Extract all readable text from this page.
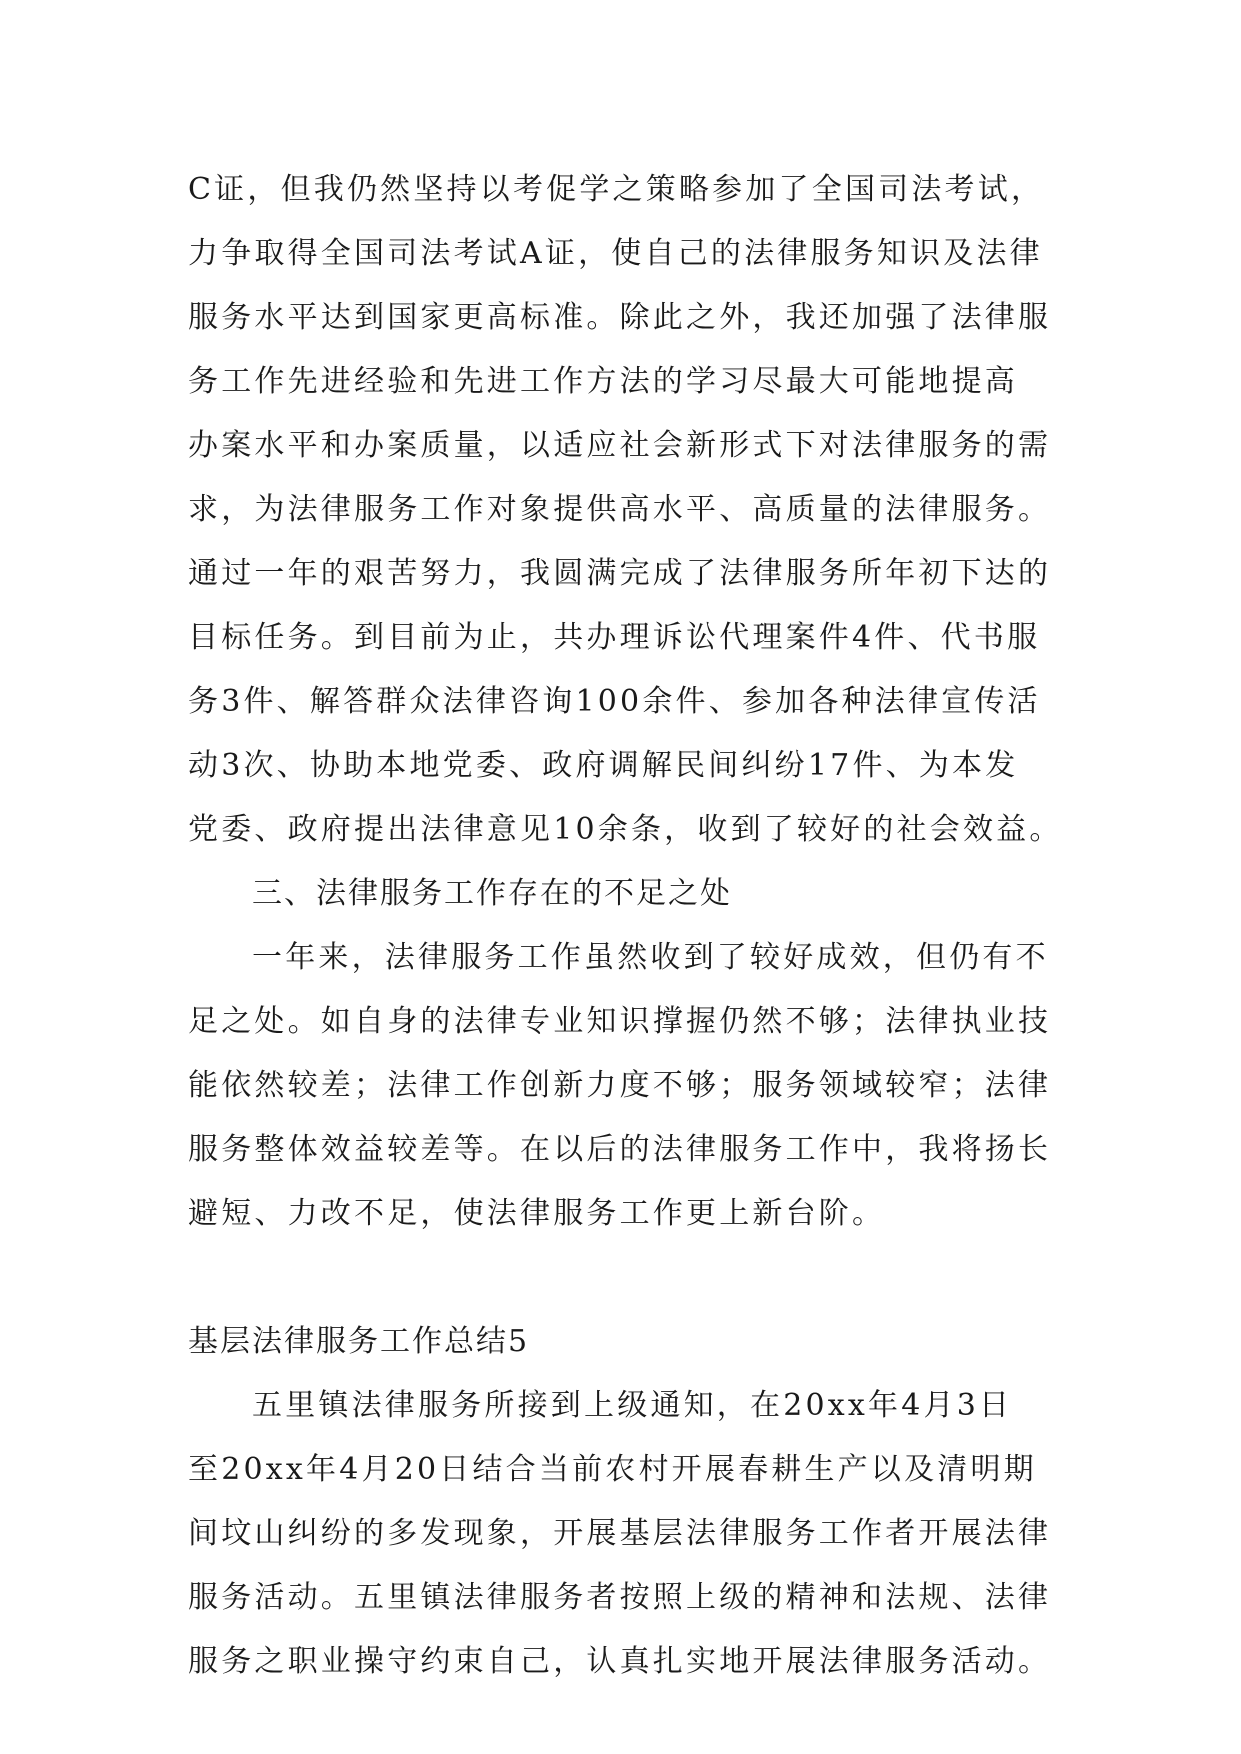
C证，但我仍然坚持以考促学之策略参加了全国司法考试，
力争取得全国司法考试A证，使自己的法律服务知识及法律
服务水平达到国家更高标准。除此之外，我还加强了法律服
务工作先进经验和先进工作方法的学习尽最大可能地提高
办案水平和办案质量，以适应社会新形式下对法律服务的需
求，为法律服务工作对象提供高水平、高质量的法律服务。
通过一年的艰苦努力，我圆满完成了法律服务所年初下达的
目标任务。到目前为止，共办理诉讼代理案件4件、代书服
务3件、解答群众法律咨询100余件、参加各种法律宣传活
动3次、协助本地党委、政府调解民间纠纷17件、为本发
党委、政府提出法律意见10余条，收到了较好的社会效益。
三、法律服务工作存在的不足之处
一年来，法律服务工作虽然收到了较好成效，但仍有不
足之处。如自身的法律专业知识撑握仍然不够；法律执业技
能依然较差；法律工作创新力度不够；服务领域较窄；法律
服务整体效益较差等。在以后的法律服务工作中，我将扬长
避短、力改不足，使法律服务工作更上新台阶。
基层法律服务工作总结5
五里镇法律服务所接到上级通知，在20xx年4月3日
至20xx年4月20日结合当前农村开展春耕生产以及清明期
间坟山纠纷的多发现象，开展基层法律服务工作者开展法律
服务活动。五里镇法律服务者按照上级的精神和法规、法律
服务之职业操守约束自己，认真扎实地开展法律服务活动。
